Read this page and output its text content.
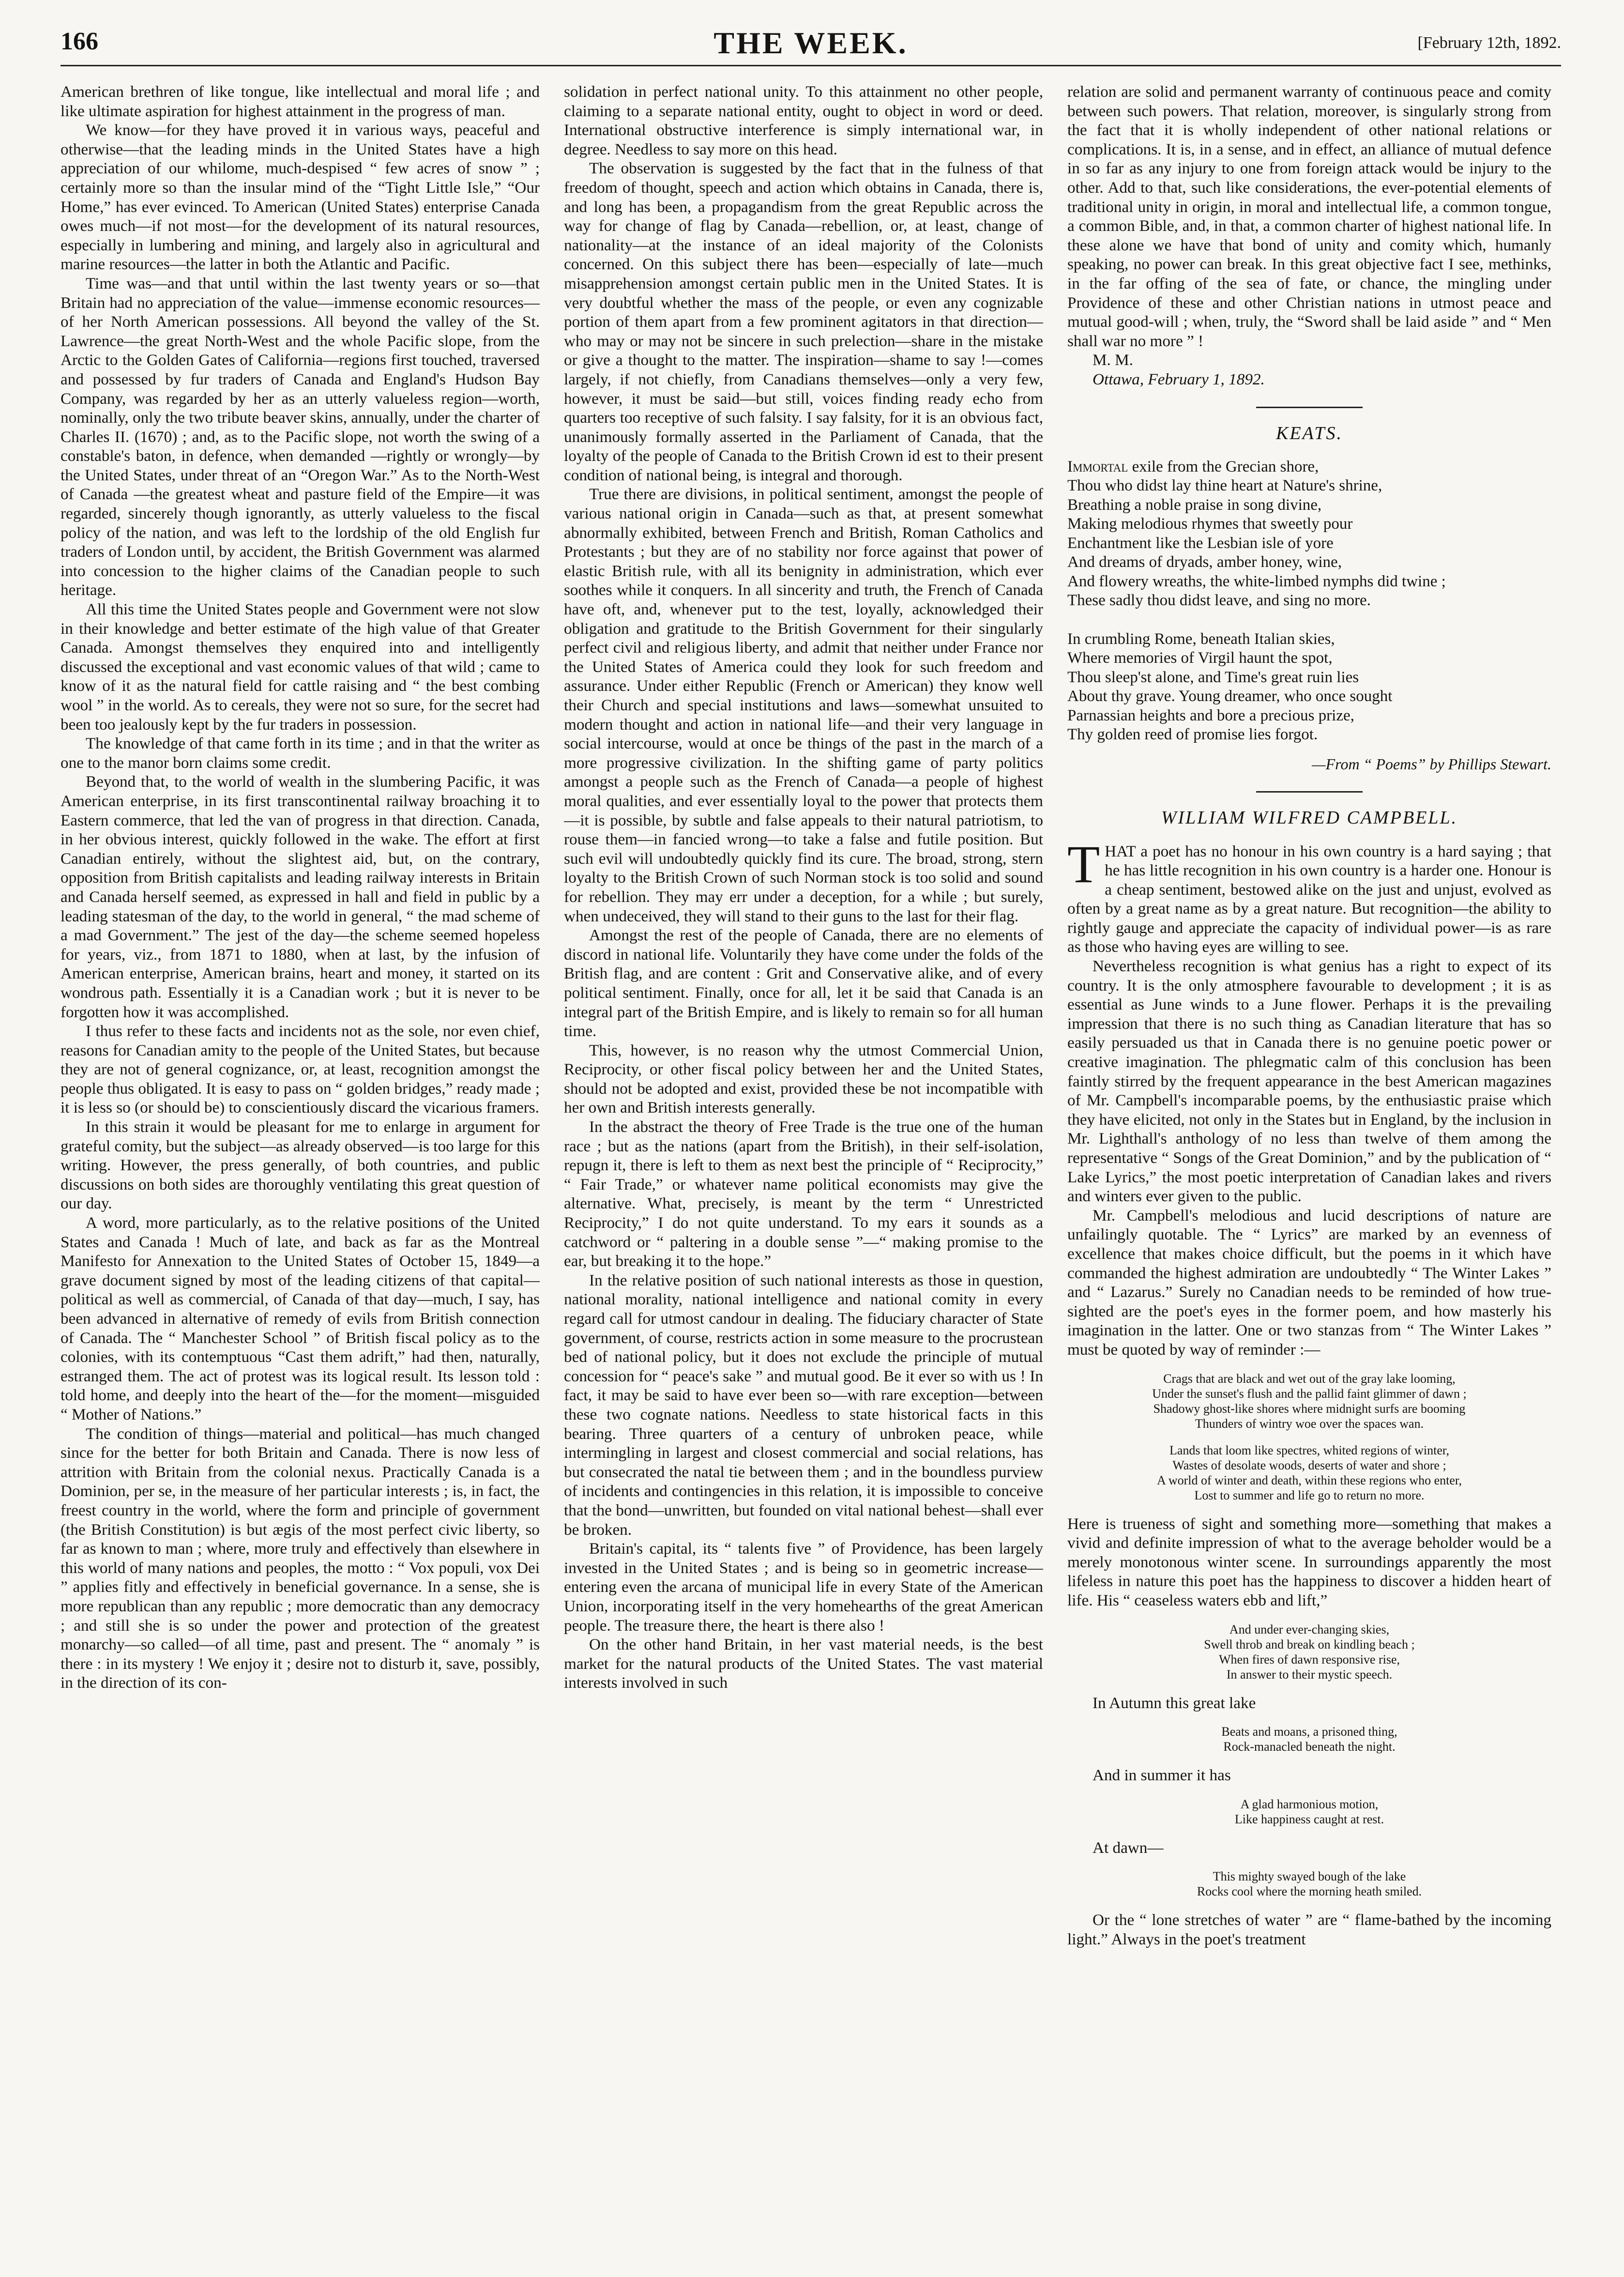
166	THE WEEK.	[February 12th, 1892.

American brethren of like tongue, like intellectual and moral life ; and like ultimate aspiration for highest attainment in the progress of man.

We know—for they have proved it in various ways, peaceful and otherwise—that the leading minds in the United States have a high appreciation of our whilome, much-despised “ few acres of snow ” ; certainly more so than the insular mind of the “Tight Little Isle,” “Our Home,” has ever evinced. To American (United States) enterprise Canada owes much—if not most—for the development of its natural resources, especially in lumbering and mining, and largely also in agricultural and marine resources—the latter in both the Atlantic and Pacific.

Time was—and that until within the last twenty years or so—that Britain had no appreciation of the value—immense economic resources—of her North American possessions. All beyond the valley of the St. Lawrence—the great North-West and the whole Pacific slope, from the Arctic to the Golden Gates of California—regions first touched, traversed and possessed by fur traders of Canada and England's Hudson Bay Company, was regarded by her as an utterly valueless region—worth, nominally, only the two tribute beaver skins, annually, under the charter of Charles II. (1670) ; and, as to the Pacific slope, not worth the swing of a constable's baton, in defence, when demanded —rightly or wrongly—by the United States, under threat of an “Oregon War.” As to the North-West of Canada —the greatest wheat and pasture field of the Empire—it was regarded, sincerely though ignorantly, as utterly valueless to the fiscal policy of the nation, and was left to the lordship of the old English fur traders of London until, by accident, the British Government was alarmed into concession to the higher claims of the Canadian people to such heritage.

All this time the United States people and Government were not slow in their knowledge and better estimate of the high value of that Greater Canada. Amongst themselves they enquired into and intelligently discussed the exceptional and vast economic values of that wild ; came to know of it as the natural field for cattle raising and “ the best combing wool ” in the world. As to cereals, they were not so sure, for the secret had been too jealously kept by the fur traders in possession.

The knowledge of that came forth in its time ; and in that the writer as one to the manor born claims some credit.

Beyond that, to the world of wealth in the slumbering Pacific, it was American enterprise, in its first transcontinental railway broaching it to Eastern commerce, that led the van of progress in that direction. Canada, in her obvious interest, quickly followed in the wake. The effort at first Canadian entirely, without the slightest aid, but, on the contrary, opposition from British capitalists and leading railway interests in Britain and Canada herself seemed, as expressed in hall and field in public by a leading statesman of the day, to the world in general, “ the mad scheme of a mad Government.” The jest of the day—the scheme seemed hopeless for years, viz., from 1871 to 1880, when at last, by the infusion of American enterprise, American brains, heart and money, it started on its wondrous path. Essentially it is a Canadian work ; but it is never to be forgotten how it was accomplished.

I thus refer to these facts and incidents not as the sole, nor even chief, reasons for Canadian amity to the people of the United States, but because they are not of general cognizance, or, at least, recognition amongst the people thus obligated. It is easy to pass on “ golden bridges,” ready made ; it is less so (or should be) to conscientiously discard the vicarious framers.

In this strain it would be pleasant for me to enlarge in argument for grateful comity, but the subject—as already observed—is too large for this writing. However, the press generally, of both countries, and public discussions on both sides are thoroughly ventilating this great question of our day.

A word, more particularly, as to the relative positions of the United States and Canada ! Much of late, and back as far as the Montreal Manifesto for Annexation to the United States of October 15, 1849—a grave document signed by most of the leading citizens of that capital—political as well as commercial, of Canada of that day—much, I say, has been advanced in alternative of remedy of evils from British connection of Canada. The “ Manchester School ” of British fiscal policy as to the colonies, with its contemptuous “Cast them adrift,” had then, naturally, estranged them. The act of protest was its logical result. Its lesson told : told home, and deeply into the heart of the—for the moment—misguided “ Mother of Nations.”

The condition of things—material and political—has much changed since for the better for both Britain and Canada. There is now less of attrition with Britain from the colonial nexus. Practically Canada is a Dominion, per se, in the measure of her particular interests ; is, in fact, the freest country in the world, where the form and principle of government (the British Constitution) is but ægis of the most perfect civic liberty, so far as known to man ; where, more truly and effectively than elsewhere in this world of many nations and peoples, the motto : “ Vox populi, vox Dei ” applies fitly and effectively in beneficial governance. In a sense, she is more republican than any republic ; more democratic than any democracy ; and still she is so under the power and protection of the greatest monarchy—so called—of all time, past and present. The “ anomaly ” is there : in its mystery ! We enjoy it ; desire not to disturb it, save, possibly, in the direction of its con-

solidation in perfect national unity. To this attainment no other people, claiming to a separate national entity, ought to object in word or deed. International obstructive interference is simply international war, in degree. Needless to say more on this head.

The observation is suggested by the fact that in the fulness of that freedom of thought, speech and action which obtains in Canada, there is, and long has been, a propagandism from the great Republic across the way for change of flag by Canada—rebellion, or, at least, change of nationality—at the instance of an ideal majority of the Colonists concerned. On this subject there has been—especially of late—much misapprehension amongst certain public men in the United States. It is very doubtful whether the mass of the people, or even any cognizable portion of them apart from a few prominent agitators in that direction—who may or may not be sincere in such prelection—share in the mistake or give a thought to the matter. The inspiration—shame to say !—comes largely, if not chiefly, from Canadians themselves—only a very few, however, it must be said—but still, voices finding ready echo from quarters too receptive of such falsity. I say falsity, for it is an obvious fact, unanimously formally asserted in the Parliament of Canada, that the loyalty of the people of Canada to the British Crown id est to their present condition of national being, is integral and thorough.

True there are divisions, in political sentiment, amongst the people of various national origin in Canada—such as that, at present somewhat abnormally exhibited, between French and British, Roman Catholics and Protestants ; but they are of no stability nor force against that power of elastic British rule, with all its benignity in administration, which ever soothes while it conquers. In all sincerity and truth, the French of Canada have oft, and, whenever put to the test, loyally, acknowledged their obligation and gratitude to the British Government for their singularly perfect civil and religious liberty, and admit that neither under France nor the United States of America could they look for such freedom and assurance. Under either Republic (French or American) they know well their Church and special institutions and laws—somewhat unsuited to modern thought and action in national life—and their very language in social intercourse, would at once be things of the past in the march of a more progressive civilization. In the shifting game of party politics amongst a people such as the French of Canada—a people of highest moral qualities, and ever essentially loyal to the power that protects them—it is possible, by subtle and false appeals to their natural patriotism, to rouse them—in fancied wrong—to take a false and futile position. But such evil will undoubtedly quickly find its cure. The broad, strong, stern loyalty to the British Crown of such Norman stock is too solid and sound for rebellion. They may err under a deception, for a while ; but surely, when undeceived, they will stand to their guns to the last for their flag.

Amongst the rest of the people of Canada, there are no elements of discord in national life. Voluntarily they have come under the folds of the British flag, and are content : Grit and Conservative alike, and of every political sentiment. Finally, once for all, let it be said that Canada is an integral part of the British Empire, and is likely to remain so for all human time.

This, however, is no reason why the utmost Commercial Union, Reciprocity, or other fiscal policy between her and the United States, should not be adopted and exist, provided these be not incompatible with her own and British interests generally.

In the abstract the theory of Free Trade is the true one of the human race ; but as the nations (apart from the British), in their self-isolation, repugn it, there is left to them as next best the principle of “ Reciprocity,” “ Fair Trade,” or whatever name political economists may give the alternative. What, precisely, is meant by the term “ Unrestricted Reciprocity,” I do not quite understand. To my ears it sounds as a catchword or “ paltering in a double sense ”—“ making promise to the ear, but breaking it to the hope.”

In the relative position of such national interests as those in question, national morality, national intelligence and national comity in every regard call for utmost candour in dealing. The fiduciary character of State government, of course, restricts action in some measure to the procrustean bed of national policy, but it does not exclude the principle of mutual concession for “ peace's sake ” and mutual good. Be it ever so with us ! In fact, it may be said to have ever been so—with rare exception—between these two cognate nations. Needless to state historical facts in this bearing. Three quarters of a century of unbroken peace, while intermingling in largest and closest commercial and social relations, has but consecrated the natal tie between them ; and in the boundless purview of incidents and contingencies in this relation, it is impossible to conceive that the bond—unwritten, but founded on vital national behest—shall ever be broken.

Britain's capital, its “ talents five ” of Providence, has been largely invested in the United States ; and is being so in geometric increase—entering even the arcana of municipal life in every State of the American Union, incorporating itself in the very homehearths of the great American people. The treasure there, the heart is there also !

On the other hand Britain, in her vast material needs, is the best market for the natural products of the United States. The vast material interests involved in such

relation are solid and permanent warranty of continuous peace and comity between such powers. That relation, moreover, is singularly strong from the fact that it is wholly independent of other national relations or complications. It is, in a sense, and in effect, an alliance of mutual defence in so far as any injury to one from foreign attack would be injury to the other. Add to that, such like considerations, the ever-potential elements of traditional unity in origin, in moral and intellectual life, a common tongue, a common Bible, and, in that, a common charter of highest national life. In these alone we have that bond of unity and comity which, humanly speaking, no power can break. In this great objective fact I see, methinks, in the far offing of the sea of fate, or chance, the mingling under Providence of these and other Christian nations in utmost peace and mutual good-will ; when, truly, the “Sword shall be laid aside ” and “ Men shall war no more ” !

M. M.

Ottawa, February 1, 1892.

KEATS.
Immortal exile from the Grecian shore,
Thou who didst lay thine heart at Nature's shrine,
Breathing a noble praise in song divine,
Making melodious rhymes that sweetly pour
Enchantment like the Lesbian isle of yore
And dreams of dryads, amber honey, wine,
And flowery wreaths, the white-limbed nymphs did twine ;
These sadly thou didst leave, and sing no more.
In crumbling Rome, beneath Italian skies,
Where memories of Virgil haunt the spot,
Thou sleep'st alone, and Time's great ruin lies
About thy grave. Young dreamer, who once sought
Parnassian heights and bore a precious prize,
Thy golden reed of promise lies forgot.
—From “ Poems” by Phillips Stewart.
WILLIAM WILFRED CAMPBELL.

THAT a poet has no honour in his own country is a hard saying ; that he has little recognition in his own country is a harder one. Honour is a cheap sentiment, bestowed alike on the just and unjust, evolved as often by a great name as by a great nature. But recognition—the ability to rightly gauge and appreciate the capacity of individual power—is as rare as those who having eyes are willing to see.

Nevertheless recognition is what genius has a right to expect of its country. It is the only atmosphere favourable to development ; it is as essential as June winds to a June flower. Perhaps it is the prevailing impression that there is no such thing as Canadian literature that has so easily persuaded us that in Canada there is no genuine poetic power or creative imagination. The phlegmatic calm of this conclusion has been faintly stirred by the frequent appearance in the best American magazines of Mr. Campbell's incomparable poems, by the enthusiastic praise which they have elicited, not only in the States but in England, by the inclusion in Mr. Lighthall's anthology of no less than twelve of them among the representative “ Songs of the Great Dominion,” and by the publication of “ Lake Lyrics,” the most poetic interpretation of Canadian lakes and rivers and winters ever given to the public.

Mr. Campbell's melodious and lucid descriptions of nature are unfailingly quotable. The “ Lyrics” are marked by an evenness of excellence that makes choice difficult, but the poems in it which have commanded the highest admiration are undoubtedly “ The Winter Lakes ” and “ Lazarus.” Surely no Canadian needs to be reminded of how true-sighted are the poet's eyes in the former poem, and how masterly his imagination in the latter. One or two stanzas from “ The Winter Lakes ” must be quoted by way of reminder :—

Crags that are black and wet out of the gray lake looming,
Under the sunset's flush and the pallid faint glimmer of dawn ;
Shadowy ghost-like shores where midnight surfs are booming
Thunders of wintry woe over the spaces wan.
Lands that loom like spectres, whited regions of winter,
Wastes of desolate woods, deserts of water and shore ;
A world of winter and death, within these regions who enter,
Lost to summer and life go to return no more.

Here is trueness of sight and something more—something that makes a vivid and definite impression of what to the average beholder would be a merely monotonous winter scene. In surroundings apparently the most lifeless in nature this poet has the happiness to discover a hidden heart of life. His “ ceaseless waters ebb and lift,”

And under ever-changing skies,
Swell throb and break on kindling beach ;
When fires of dawn responsive rise,
In answer to their mystic speech.

In Autumn this great lake

Beats and moans, a prisoned thing,
Rock-manacled beneath the night.

And in summer it has

A glad harmonious motion,
Like happiness caught at rest.

At dawn—

This mighty swayed bough of the lake
Rocks cool where the morning heath smiled.

Or the “ lone stretches of water ” are “ flame-bathed by the incoming light.” Always in the poet's treatment
